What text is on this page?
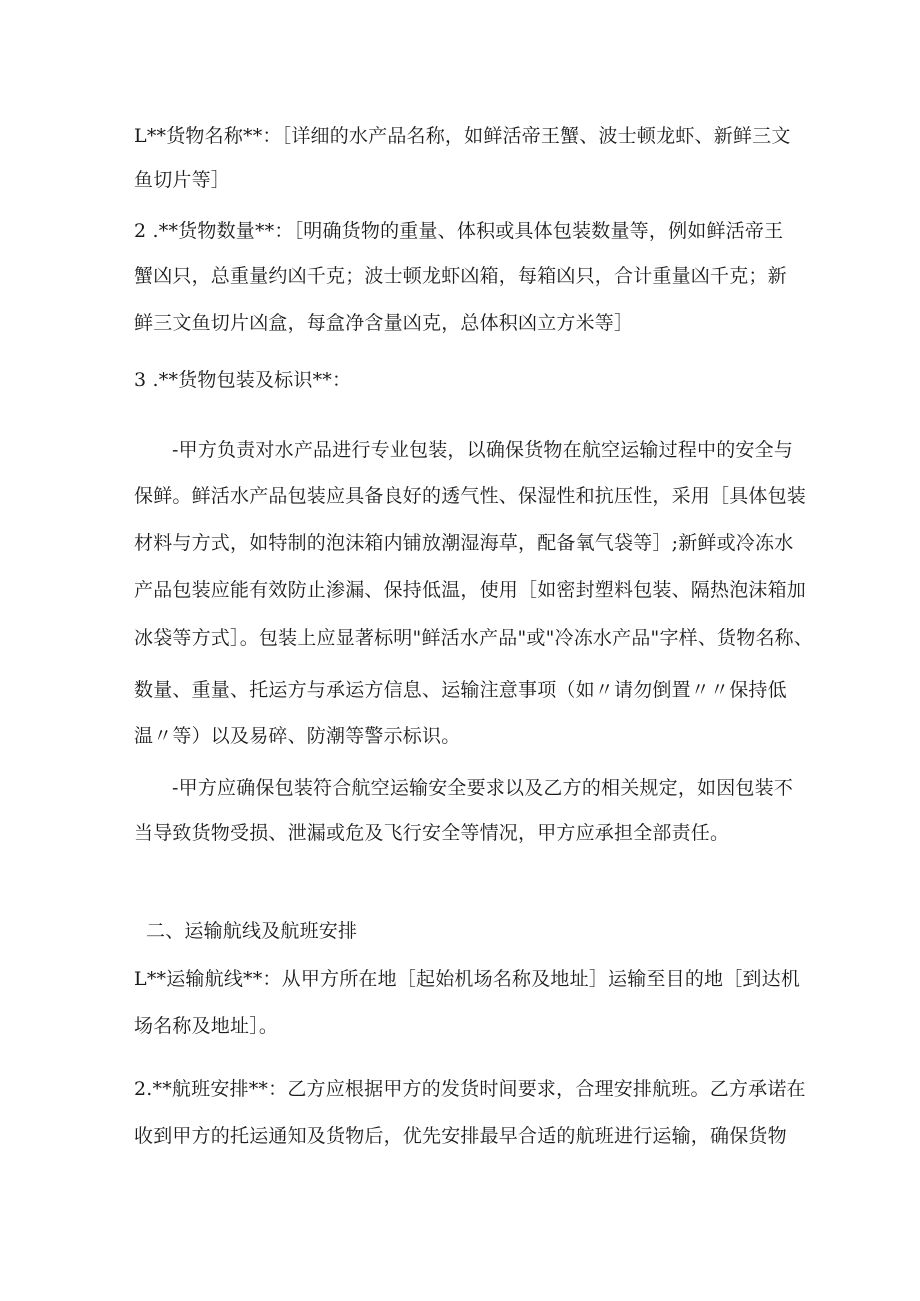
L**货物名称**：［详细的水产品名称，如鲜活帝王蟹、波士顿龙虾、新鲜三文
鱼切片等］
2 .**货物数量**：［明确货物的重量、体积或具体包装数量等，例如鲜活帝王
蟹凶只，总重量约凶千克；波士顿龙虾凶箱，每箱凶只，合计重量凶千克；新
鲜三文鱼切片凶盒，每盒净含量凶克，总体积凶立方米等］
3 .**货物包装及标识**：
-甲方负责对水产品进行专业包装，以确保货物在航空运输过程中的安全与
保鲜。鲜活水产品包装应具备良好的透气性、保湿性和抗压性，采用［具体包装
材料与方式，如特制的泡沫箱内铺放潮湿海草，配备氧气袋等］;新鲜或冷冻水
产品包装应能有效防止渗漏、保持低温，使用［如密封塑料包装、隔热泡沫箱加
冰袋等方式］。包装上应显著标明"鲜活水产品"或"冷冻水产品"字样、货物名称、
数量、重量、托运方与承运方信息、运输注意事项（如〃请勿倒置〃〃保持低
温〃等）以及易碎、防潮等警示标识。
-甲方应确保包装符合航空运输安全要求以及乙方的相关规定，如因包装不
当导致货物受损、泄漏或危及飞行安全等情况，甲方应承担全部责任。
二、运输航线及航班安排
L**运输航线**：从甲方所在地［起始机场名称及地址］运输至目的地［到达机
场名称及地址］。
2.**航班安排**：乙方应根据甲方的发货时间要求，合理安排航班。乙方承诺在
收到甲方的托运通知及货物后，优先安排最早合适的航班进行运输，确保货物
